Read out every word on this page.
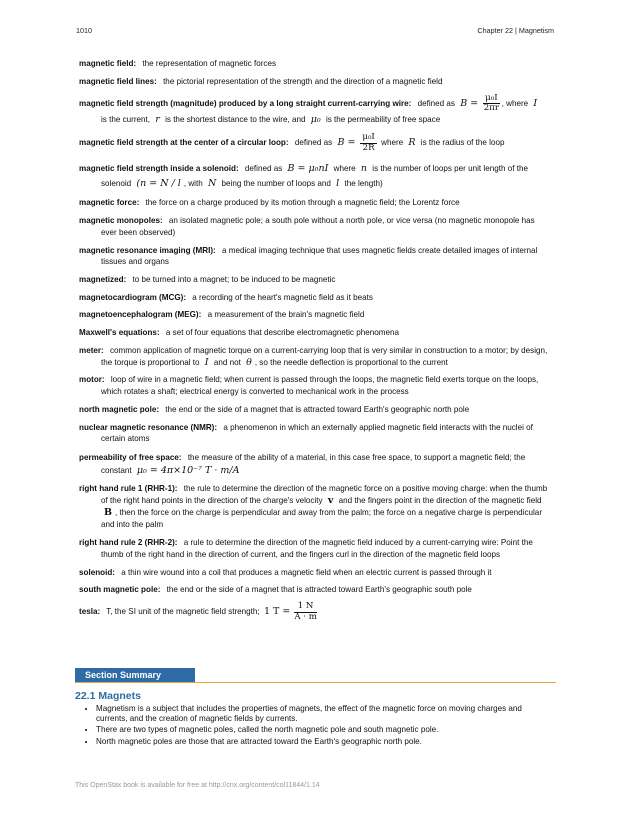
1010	Chapter 22 | Magnetism
magnetic field: the representation of magnetic forces
magnetic field lines: the pictorial representation of the strength and the direction of a magnetic field
magnetic field strength (magnitude) produced by a long straight current-carrying wire: defined as $B = \frac{\text{μ₀I}}{2\pi r}$ , where I
is the current, r is the shortest distance to the wire, and μ₀ is the permeability of free space
magnetic field strength at the center of a circular loop: defined as $B = \frac{\text{μ₀I}}{2R}$ where R is the radius of the loop
magnetic field strength inside a solenoid: defined as B = μ₀nI where n is the number of loops per unit length of the
solenoid (n = N / l , with N being the number of loops and l the length)
magnetic force: the force on a charge produced by its motion through a magnetic field; the Lorentz force
magnetic monopoles: an isolated magnetic pole; a south pole without a north pole, or vice versa (no magnetic monopole has ever been observed)
magnetic resonance imaging (MRI): a medical imaging technique that uses magnetic fields create detailed images of internal tissues and organs
magnetized: to be turned into a magnet; to be induced to be magnetic
magnetocardiogram (MCG): a recording of the heart's magnetic field as it beats
magnetoencephalogram (MEG): a measurement of the brain's magnetic field
Maxwell's equations: a set of four equations that describe electromagnetic phenomena
meter: common application of magnetic torque on a current-carrying loop that is very similar in construction to a motor; by design, the torque is proportional to I and not θ , so the needle deflection is proportional to the current
motor: loop of wire in a magnetic field; when current is passed through the loops, the magnetic field exerts torque on the loops, which rotates a shaft; electrical energy is converted to mechanical work in the process
north magnetic pole: the end or the side of a magnet that is attracted toward Earth's geographic north pole
nuclear magnetic resonance (NMR): a phenomenon in which an externally applied magnetic field interacts with the nuclei of certain atoms
permeability of free space: the measure of the ability of a material, in this case free space, to support a magnetic field; the
constant μ₀ = 4π×10⁻⁷ T · m/A
right hand rule 1 (RHR-1): the rule to determine the direction of the magnetic force on a positive moving charge: when the thumb of the right hand points in the direction of the charge's velocity v and the fingers point in the direction of the magnetic field B , then the force on the charge is perpendicular and away from the palm; the force on a negative charge is perpendicular and into the palm
right hand rule 2 (RHR-2): a rule to determine the direction of the magnetic field induced by a current-carrying wire: Point the thumb of the right hand in the direction of current, and the fingers curl in the direction of the magnetic field loops
solenoid: a thin wire wound into a coil that produces a magnetic field when an electric current is passed through it
south magnetic pole: the end or the side of a magnet that is attracted toward Earth's geographic south pole
tesla: T, the SI unit of the magnetic field strength; 1 $T = \frac{1 N}{A \cdot m}$
Section Summary
22.1 Magnets
• Magnetism is a subject that includes the properties of magnets, the effect of the magnetic force on moving charges and currents, and the creation of magnetic fields by currents.
• There are two types of magnetic poles, called the north magnetic pole and south magnetic pole.
• North magnetic poles are those that are attracted toward the Earth's geographic north pole.
This OpenStax book is available for free at http://cnx.org/content/col11844/1.14
